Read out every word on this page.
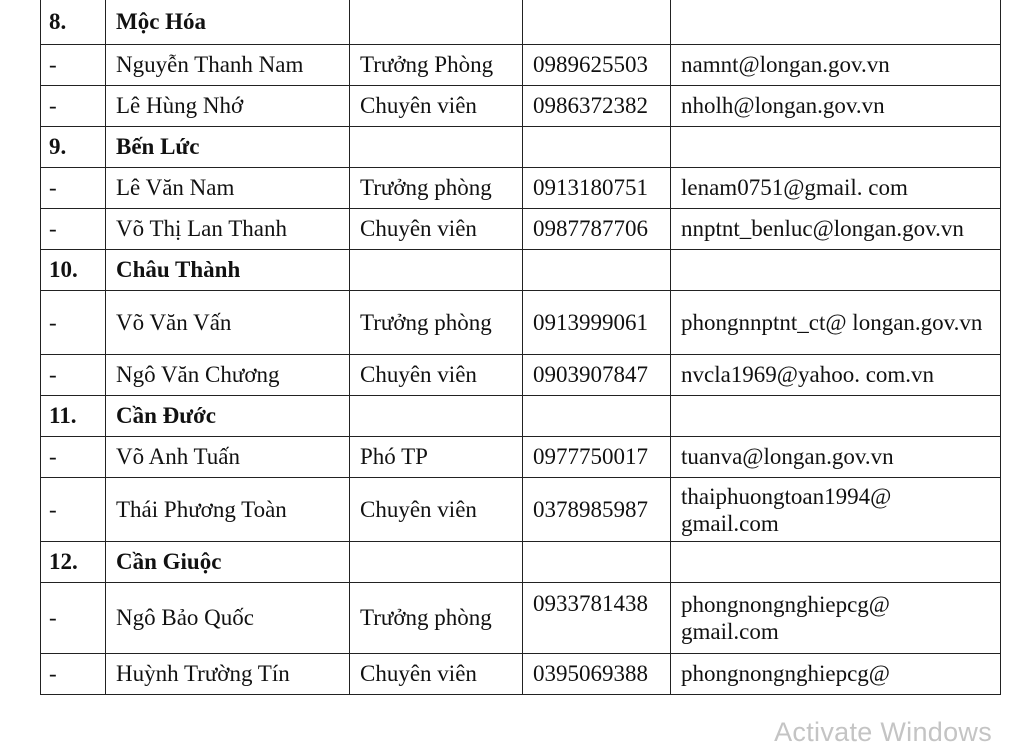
8.	Mộc Hóa			
-	Nguyễn Thanh Nam	Trưởng Phòng	0989625503	namnt@longan.gov.vn
-	Lê Hùng Nhớ	Chuyên viên	0986372382	nholh@longan.gov.vn
9.	Bến Lức			
-	Lê Văn Nam	Trưởng phòng	0913180751	lenam0751@gmail. com
-	Võ Thị Lan Thanh	Chuyên viên	0987787706	nnptnt_benluc@longan.gov.vn
10.	Châu Thành			
-	Võ Văn Vấn	Trưởng phòng	0913999061	phongnnptnt_ct@ longan.gov.vn
-	Ngô Văn Chương	Chuyên viên	0903907847	nvcla1969@yahoo. com.vn
11.	Cần Đước			
-	Võ Anh Tuấn	Phó TP	0977750017	tuanva@longan.gov.vn
-	Thái Phương Toàn	Chuyên viên	0378985987	thaiphuongtoan1994@ gmail.com
12.	Cần Giuộc			
-	Ngô Bảo Quốc	Trưởng phòng	0933781438	phongnongnghiepcg@ gmail.com
-	Huỳnh Trường Tín	Chuyên viên	0395069388	phongnongnghiepcg@
Activate Windows
